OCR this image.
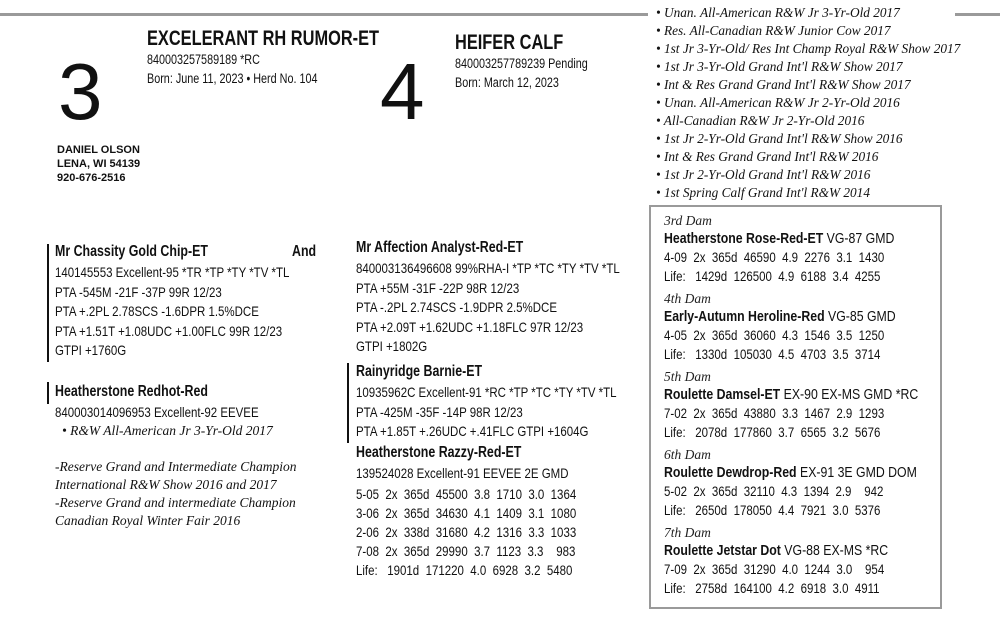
3
EXCELERANT RH RUMOR-ET
840003257589189 *RC
Born: June 11, 2023 • Herd No. 104
DANIEL OLSON
LENA, WI 54139
920-676-2516
4
HEIFER CALF
840003257789239 Pending
Born: March 12, 2023
• Unan. All-American R&W Jr 3-Yr-Old 2017
• Res. All-Canadian R&W Junior Cow 2017
• 1st Jr 3-Yr-Old/ Res Int Champ Royal R&W Show 2017
• 1st Jr 3-Yr-Old Grand Int'l R&W Show 2017
• Int & Res Grand Grand Int'l R&W Show 2017
• Unan. All-American R&W Jr 2-Yr-Old 2016
• All-Canadian R&W Jr 2-Yr-Old 2016
• 1st Jr 2-Yr-Old Grand Int'l R&W Show 2016
• Int & Res Grand Grand Int'l R&W 2016
• 1st Jr 2-Yr-Old Grand Int'l R&W 2016
• 1st Spring Calf Grand Int'l R&W 2014
Mr Chassity Gold Chip-ET	And
140145553 Excellent-95 *TR *TP *TY *TV *TL
PTA -545M -21F -37P 99R 12/23
PTA +.2PL 2.78SCS -1.6DPR 1.5%DCE
PTA +1.51T +1.08UDC +1.00FLC 99R 12/23
GTPI +1760G
Heatherstone Redhot-Red
840003014096953 Excellent-92 EEVEE
• R&W All-American Jr 3-Yr-Old 2017
-Reserve Grand and Intermediate Champion
International R&W Show 2016 and 2017
-Reserve Grand and intermediate Champion
Canadian Royal Winter Fair 2016
Mr Affection Analyst-Red-ET
840003136496608 99%RHA-I *TP *TC *TY *TV *TL
PTA +55M -31F -22P 98R 12/23
PTA -.2PL 2.74SCS -1.9DPR 2.5%DCE
PTA +2.09T +1.62UDC +1.18FLC 97R 12/23
GTPI +1802G
Rainyridge Barnie-ET
10935962C Excellent-91 *RC *TP *TC *TY *TV *TL
PTA -425M -35F -14P 98R 12/23
PTA +1.85T +.26UDC +.41FLC GTPI +1604G
Heatherstone Razzy-Red-ET
139524028 Excellent-91 EEVEE 2E GMD
5-05  2x  365d  45500  3.8  1710  3.0  1364
3-06  2x  365d  34630  4.1  1409  3.1  1080
2-06  2x  338d  31680  4.2  1316  3.3  1033
7-08  2x  365d  29990  3.7  1123  3.3    983
Life:   1901d  171220  4.0  6928  3.2  5480
3rd Dam
Heatherstone Rose-Red-ET VG-87 GMD
4-09  2x  365d  46590  4.9  2276  3.1  1430
Life:   1429d  126500  4.9  6188  3.4  4255
4th Dam
Early-Autumn Heroline-Red VG-85 GMD
4-05  2x  365d  36060  4.3  1546  3.5  1250
Life:   1330d  105030  4.5  4703  3.5  3714
5th Dam
Roulette Damsel-ET EX-90 EX-MS GMD *RC
7-02  2x  365d  43880  3.3  1467  2.9  1293
Life:   2078d  177860  3.7  6565  3.2  5676
6th Dam
Roulette Dewdrop-Red EX-91 3E GMD DOM
5-02  2x  365d  32110  4.3  1394  2.9    942
Life:   2650d  178050  4.4  7921  3.0  5376
7th Dam
Roulette Jetstar Dot VG-88 EX-MS *RC
7-09  2x  365d  31290  4.0  1244  3.0    954
Life:   2758d  164100  4.2  6918  3.0  4911
